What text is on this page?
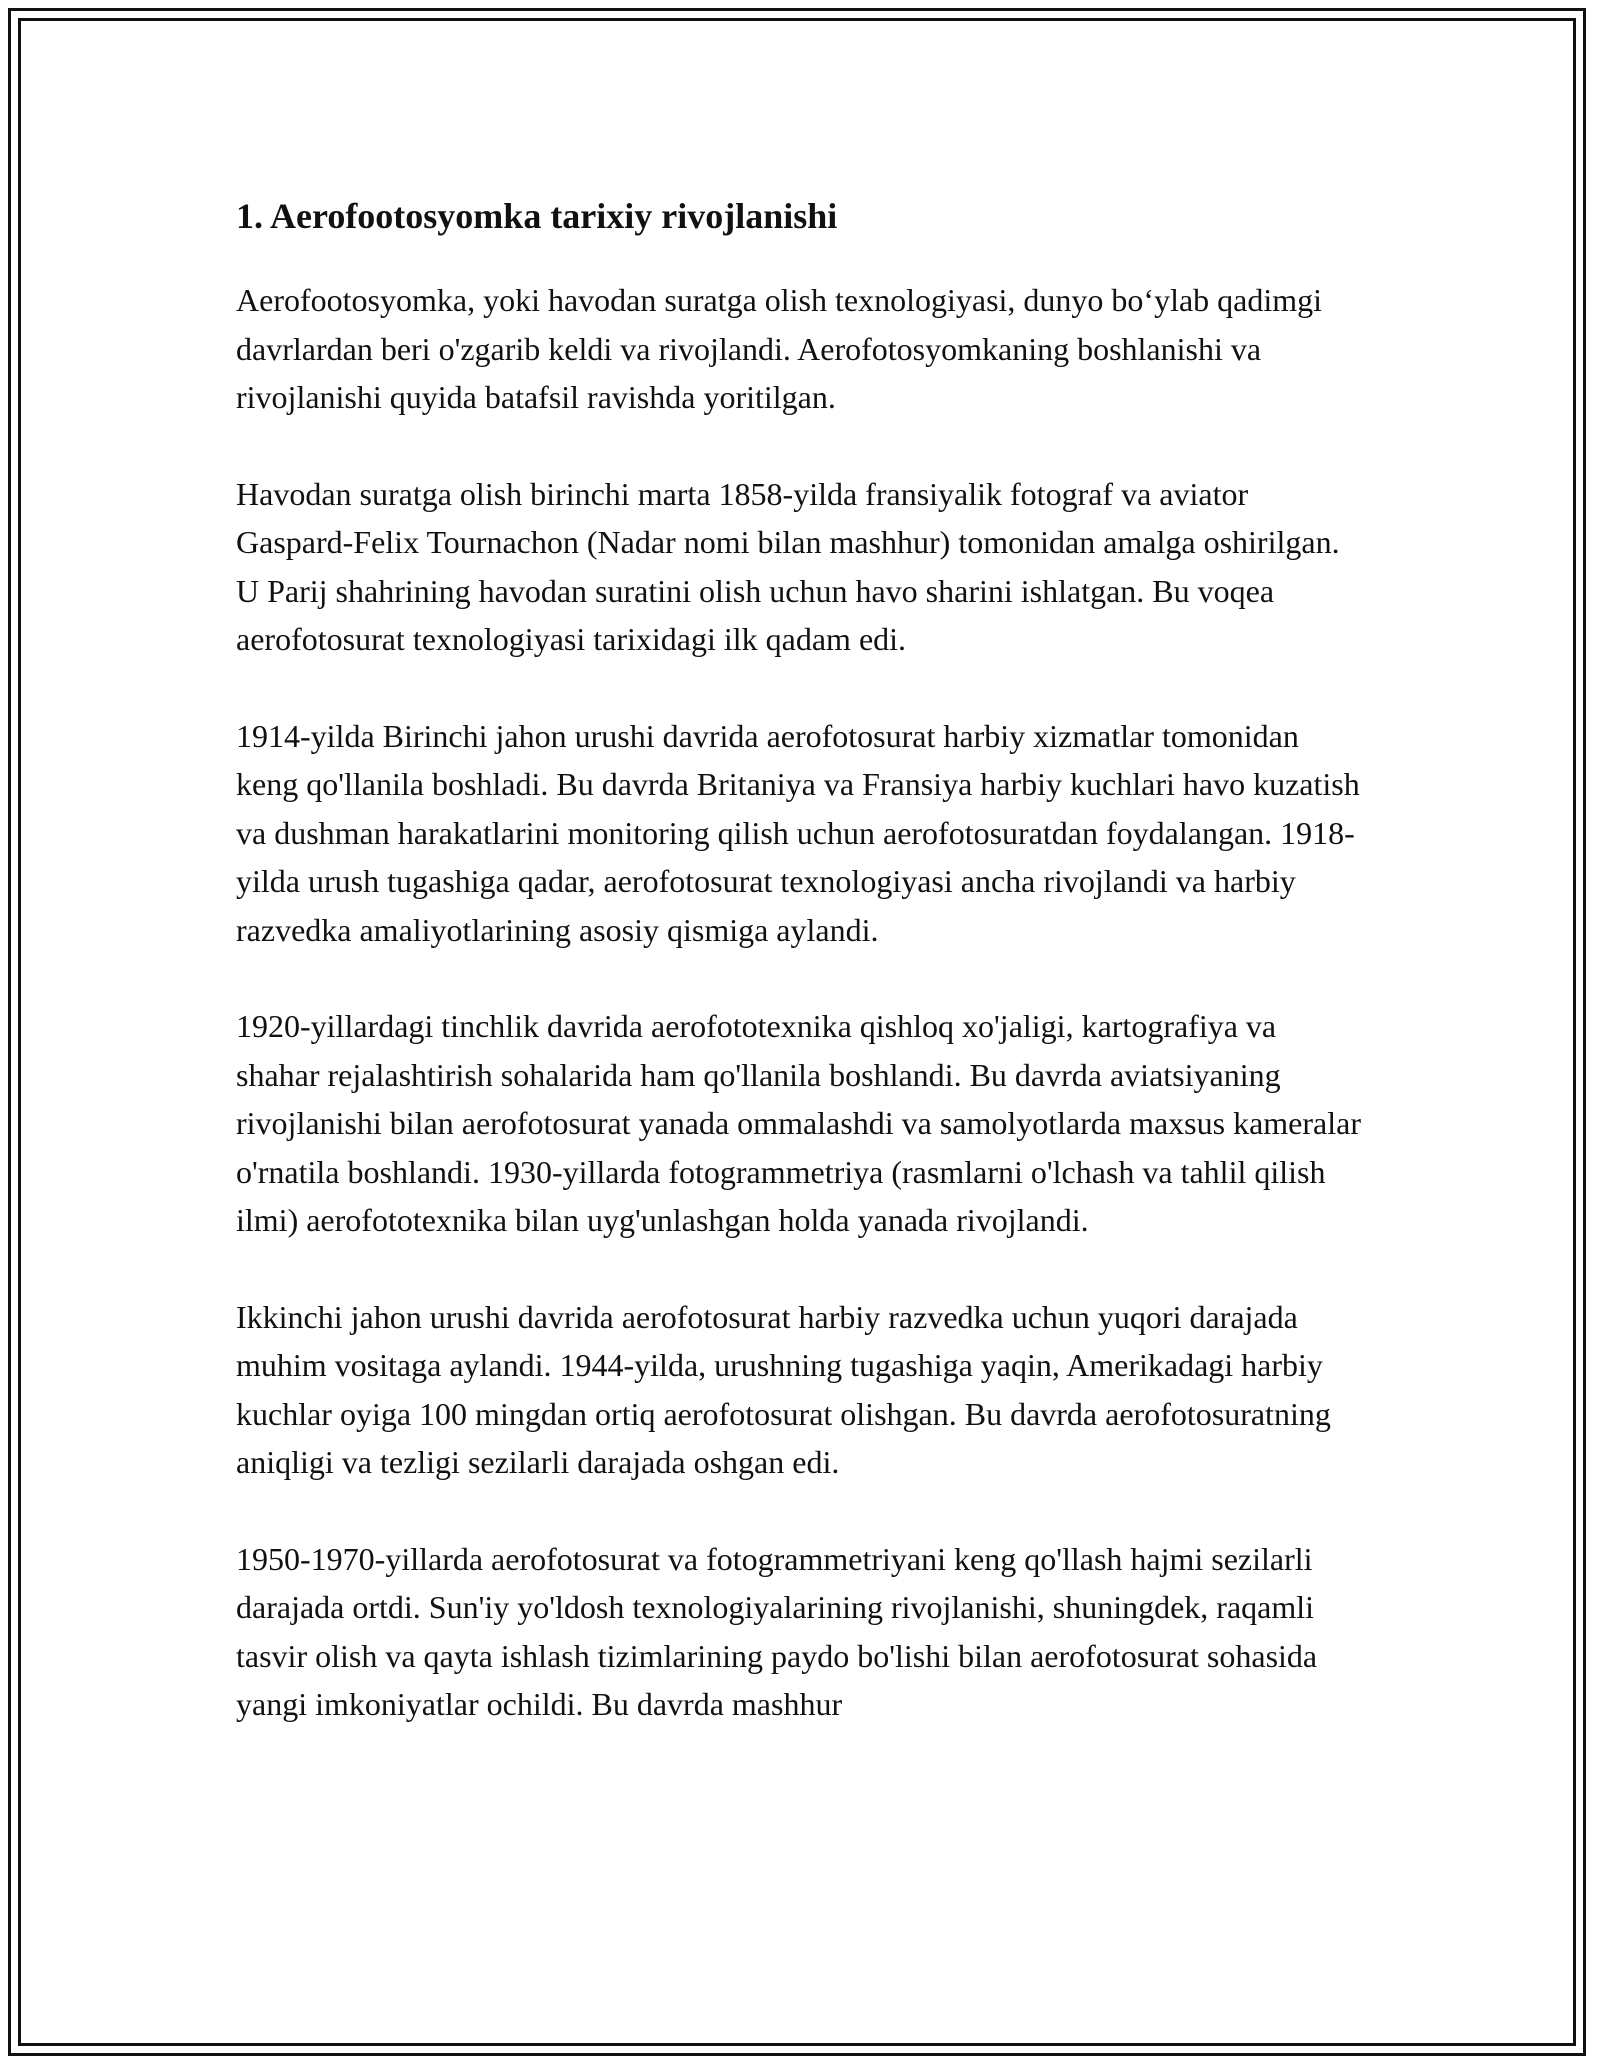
1. Aerofootosyomka tarixiy rivojlanishi

Aerofootosyomka, yoki havodan suratga olish texnologiyasi, dunyo bo‘ylab qadimgi davrlardan beri o'zgarib keldi va rivojlandi. Aerofotosyomkaning boshlanishi va rivojlanishi quyida batafsil ravishda yoritilgan.

Havodan suratga olish birinchi marta 1858-yilda fransiyalik fotograf va aviator Gaspard-Felix Tournachon (Nadar nomi bilan mashhur) tomonidan amalga oshirilgan. U Parij shahrining havodan suratini olish uchun havo sharini ishlatgan. Bu voqea aerofotosurat texnologiyasi tarixidagi ilk qadam edi.

1914-yilda Birinchi jahon urushi davrida aerofotosurat harbiy xizmatlar tomonidan keng qo'llanila boshladi. Bu davrda Britaniya va Fransiya harbiy kuchlari havo kuzatish va dushman harakatlarini monitoring qilish uchun aerofotosuratdan foydalangan. 1918-yilda urush tugashiga qadar, aerofotosurat texnologiyasi ancha rivojlandi va harbiy razvedka amaliyotlarining asosiy qismiga aylandi.

1920-yillardagi tinchlik davrida aerofototexnika qishloq xo'jaligi, kartografiya va shahar rejalashtirish sohalarida ham qo'llanila boshlandi. Bu davrda aviatsiyaning rivojlanishi bilan aerofotosurat yanada ommalashdi va samolyotlarda maxsus kameralar o'rnatila boshlandi. 1930-yillarda fotogrammetriya (rasmlarni o'lchash va tahlil qilish ilmi) aerofototexnika bilan uyg'unlashgan holda yanada rivojlandi.

Ikkinchi jahon urushi davrida aerofotosurat harbiy razvedka uchun yuqori darajada muhim vositaga aylandi. 1944-yilda, urushning tugashiga yaqin, Amerikadagi harbiy kuchlar oyiga 100 mingdan ortiq aerofotosurat olishgan. Bu davrda aerofotosuratning aniqligi va tezligi sezilarli darajada oshgan edi.

1950-1970-yillarda aerofotosurat va fotogrammetriyani keng qo'llash hajmi sezilarli darajada ortdi. Sun'iy yo'ldosh texnologiyalarining rivojlanishi, shuningdek, raqamli tasvir olish va qayta ishlash tizimlarining paydo bo'lishi bilan aerofotosurat sohasida yangi imkoniyatlar ochildi. Bu davrda mashhur
